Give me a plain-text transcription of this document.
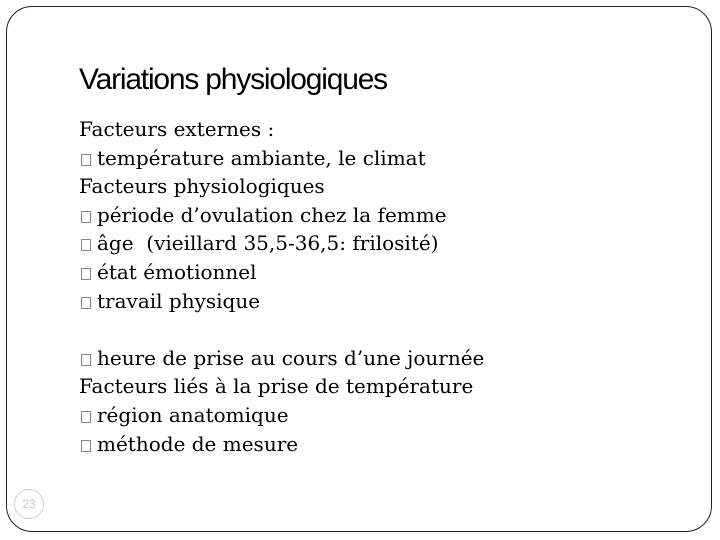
Variations physiologiques
Facteurs externes :
température ambiante, le climat
Facteurs physiologiques
période d’ovulation chez la femme
âge  (vieillard 35,5-36,5: frilosité)
état émotionnel
travail physique
heure de prise au cours d’une journée
Facteurs liés à la prise de température
région anatomique
méthode de mesure
23
